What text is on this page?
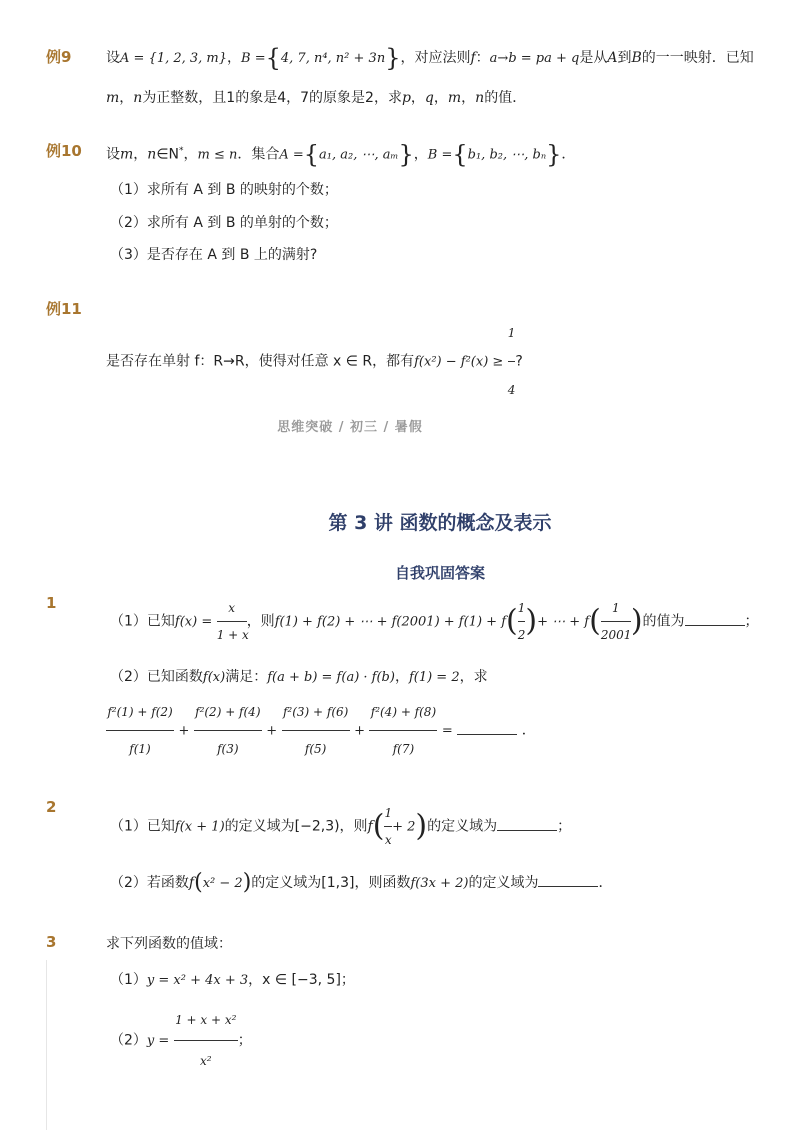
例9 设A = {1, 2, 3, m}，B ={4, 7, n⁴, n² + 3n}，对应法则f：a→b = pa + q是从A到B的一一映射．已知
m，n为正整数，且1的象是4，7的原象是2，求p，q，m，n的值．
例10 设m，n∈N*，m ≤ n．集合A ={a₁, a₂, ⋯, aₘ}，B ={b₁, b₂, ⋯, bₙ}．
（1）求所有 A 到 B 的映射的个数；
（2）求所有 A 到 B 的单射的个数；
（3）是否存在 A 到 B 上的满射?
例11
是否存在单射 f：R→R，使得对任意 x ∈ R，都有$f(x^2) - f^2(x) \ge \frac{1}{4}$ ?
思维突破 / 初三 / 暑假
第 3 讲 函数的概念及表示
自我巩固答案
1
（1）已知$f(x) = \frac{x}{1 + x}$ ，则f(1) + f(2) + ⋯ + $f(2001) + f(1) + f( \frac{1}{2}$ )+ ⋯ + $f( \frac{1}{2001}$ )的值为	；
（2）已知函数f(x)满足：f(a + b) = f(a) · f(b)，f(1) = 2，求
$\frac{\text{f²(1) + f(2)}}{f(1)} + \frac{\text{f²(2) + f(4)}}{f(3)} + \frac{\text{f²(3) + f(6)}}{f(5)} + \frac{\text{f²(4) + f(8)}}{f(7)}$ =	．
2
（1）已知f(x + 1)的定义域为[−2,3)，则$f( \frac{1}{x} + 2)$的定义域为	；
（2）若函数f(x² − 2)的定义域为[1,3]，则函数f(3x + 2)的定义域为	．
3	求下列函数的值域：
（1）y = x² + 4x + 3，x ∈ [−3, 5]；
$(2)y = \frac{\text{1 + x + x²}}{\text{x²}}$ ；
